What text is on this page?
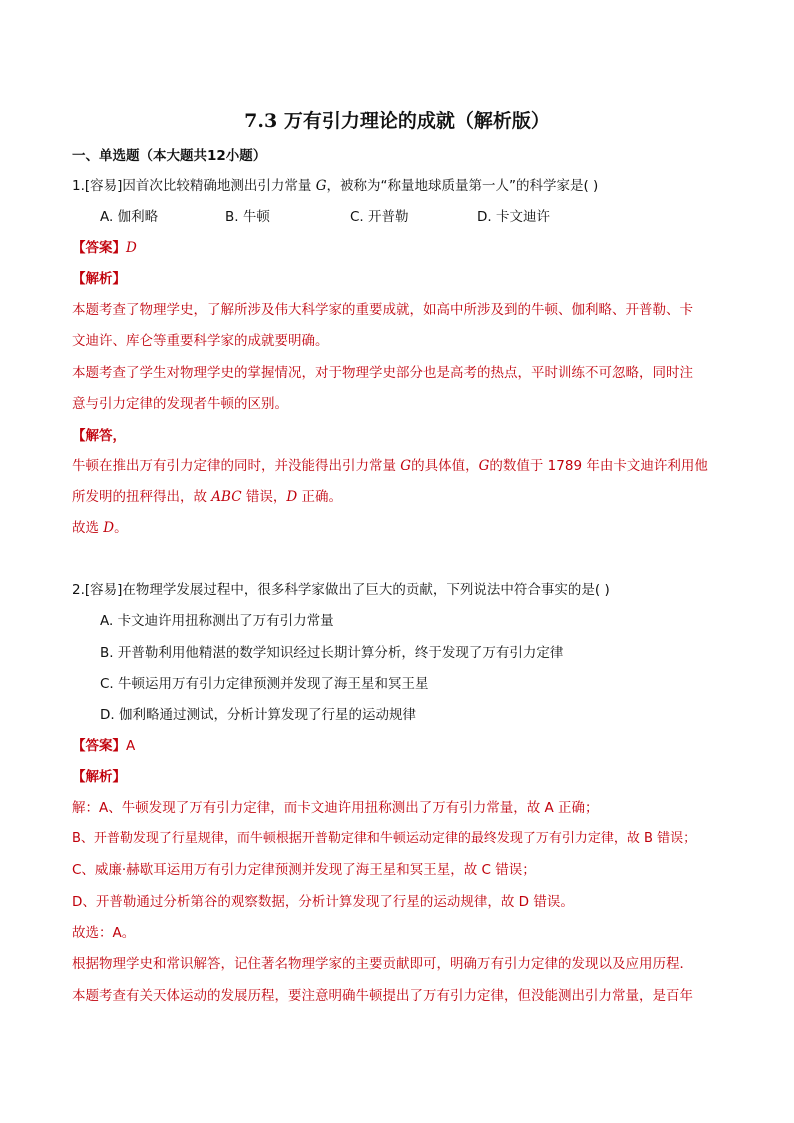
7.3 万有引力理论的成就（解析版）
一、单选题（本大题共12小题）
1.[容易]因首次比较精确地测出引力常量 G，被称为“称量地球质量第一人”的科学家是( )
A. 伽利略	B. 牛顿	C. 开普勒	D. 卡文迪许
【答案】D
【解析】
本题考查了物理学史，了解所涉及伟大科学家的重要成就，如高中所涉及到的牛顿、伽利略、开普勒、卡
文迪许、库仑等重要科学家的成就要明确。
本题考查了学生对物理学史的掌握情况，对于物理学史部分也是高考的热点，平时训练不可忽略，同时注
意与引力定律的发现者牛顿的区别。
【解答，
牛顿在推出万有引力定律的同时，并没能得出引力常量 G的具体值，G的数值于 1789 年由卡文迪许利用他
所发明的扭秤得出，故 ABC 错误，D 正确。
故选 D。
2.[容易]在物理学发展过程中，很多科学家做出了巨大的贡献，下列说法中符合事实的是( )
A. 卡文迪许用扭称测出了万有引力常量
B. 开普勒利用他精湛的数学知识经过长期计算分析，终于发现了万有引力定律
C. 牛顿运用万有引力定律预测并发现了海王星和冥王星
D. 伽利略通过测试，分析计算发现了行星的运动规律
【答案】A
【解析】
解：A、牛顿发现了万有引力定律，而卡文迪许用扭称测出了万有引力常量，故 A 正确；
B、开普勒发现了行星规律，而牛顿根据开普勒定律和牛顿运动定律的最终发现了万有引力定律，故 B 错误；
C、威廉·赫歇耳运用万有引力定律预测并发现了海王星和冥王星，故 C 错误；
D、开普勒通过分析第谷的观察数据，分析计算发现了行星的运动规律，故 D 错误。
故选：A。
根据物理学史和常识解答，记住著名物理学家的主要贡献即可，明确万有引力定律的发现以及应用历程．
本题考查有关天体运动的发展历程，要注意明确牛顿提出了万有引力定律，但没能测出引力常量，是百年
